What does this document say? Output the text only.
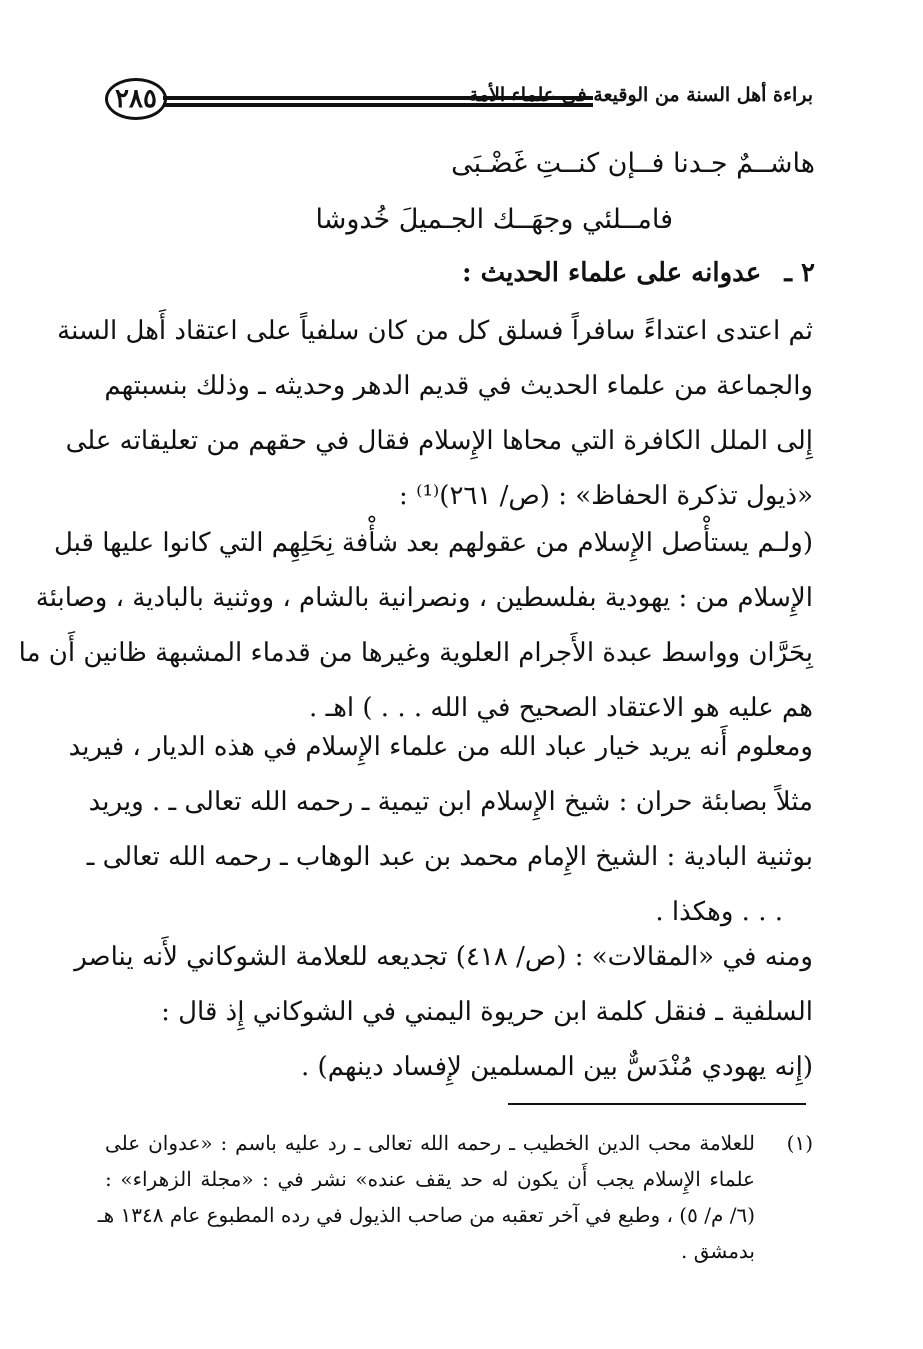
٢٨٥	براءة أهل السنة من الوقيعة في علماء الأمة
هاشــمٌ جـدنا فــإن كنــتِ غَضْـبَى
فامــلئي وجهَــك الجـميلَ خُدوشا
٢ ـ عدوانه على علماء الحديث :
ثم اعتدى اعتداءً سافراً فسلق كل من كان سلفياً على اعتقاد أَهل السنة
والجماعة من علماء الحديث في قديم الدهر وحديثه ـ وذلك بنسبتهم
إِلى الملل الكافرة التي محاها الإِسلام فقال في حقهم من تعليقاته على
«ذيول تذكرة الحفاظ» : (ص/ ٢٦١)⁽¹⁾ :
(ولـم يستأْصل الإِسلام من عقولهم بعد شأْفة نِحَلِهِم التي كانوا عليها قبل
الإِسلام من : يهودية بفلسطين ، ونصرانية بالشام ، ووثنية بالبادية ، وصابئة
بِحَرَّان وواسط عبدة الأَجرام العلوية وغيرها من قدماء المشبهة ظانين أَن ما
هم عليه هو الاعتقاد الصحيح في الله . . . ) اهـ .
ومعلوم أَنه يريد خيار عباد الله من علماء الإِسلام في هذه الديار ، فيريد
مثلاً بصابئة حران : شيخ الإِسلام ابن تيمية ـ رحمه الله تعالى ـ . ويريد
بوثنية البادية : الشيخ الإِمام محمد بن عبد الوهاب ـ رحمه الله تعالى ـ
. . . وهكذا .
ومنه في «المقالات» : (ص/ ٤١٨) تجديعه للعلامة الشوكاني لأَنه يناصر
السلفية ـ فنقل كلمة ابن حريوة اليمني في الشوكاني إِذ قال :
(إِنه يهودي مُنْدَسٌّ بين المسلمين لإِفساد دينهم) .
(١)
للعلامة محب الدين الخطيب ـ رحمه الله تعالى ـ رد عليه باسم : «عدوان على
علماء الإِسلام يجب أَن يكون له حد يقف عنده» نشر في : «مجلة الزهراء» :
(٦/ م/ ٥) ، وطبع في آخر تعقبه من صاحب الذيول في رده المطبوع عام ١٣٤٨ هـ
بدمشق .
